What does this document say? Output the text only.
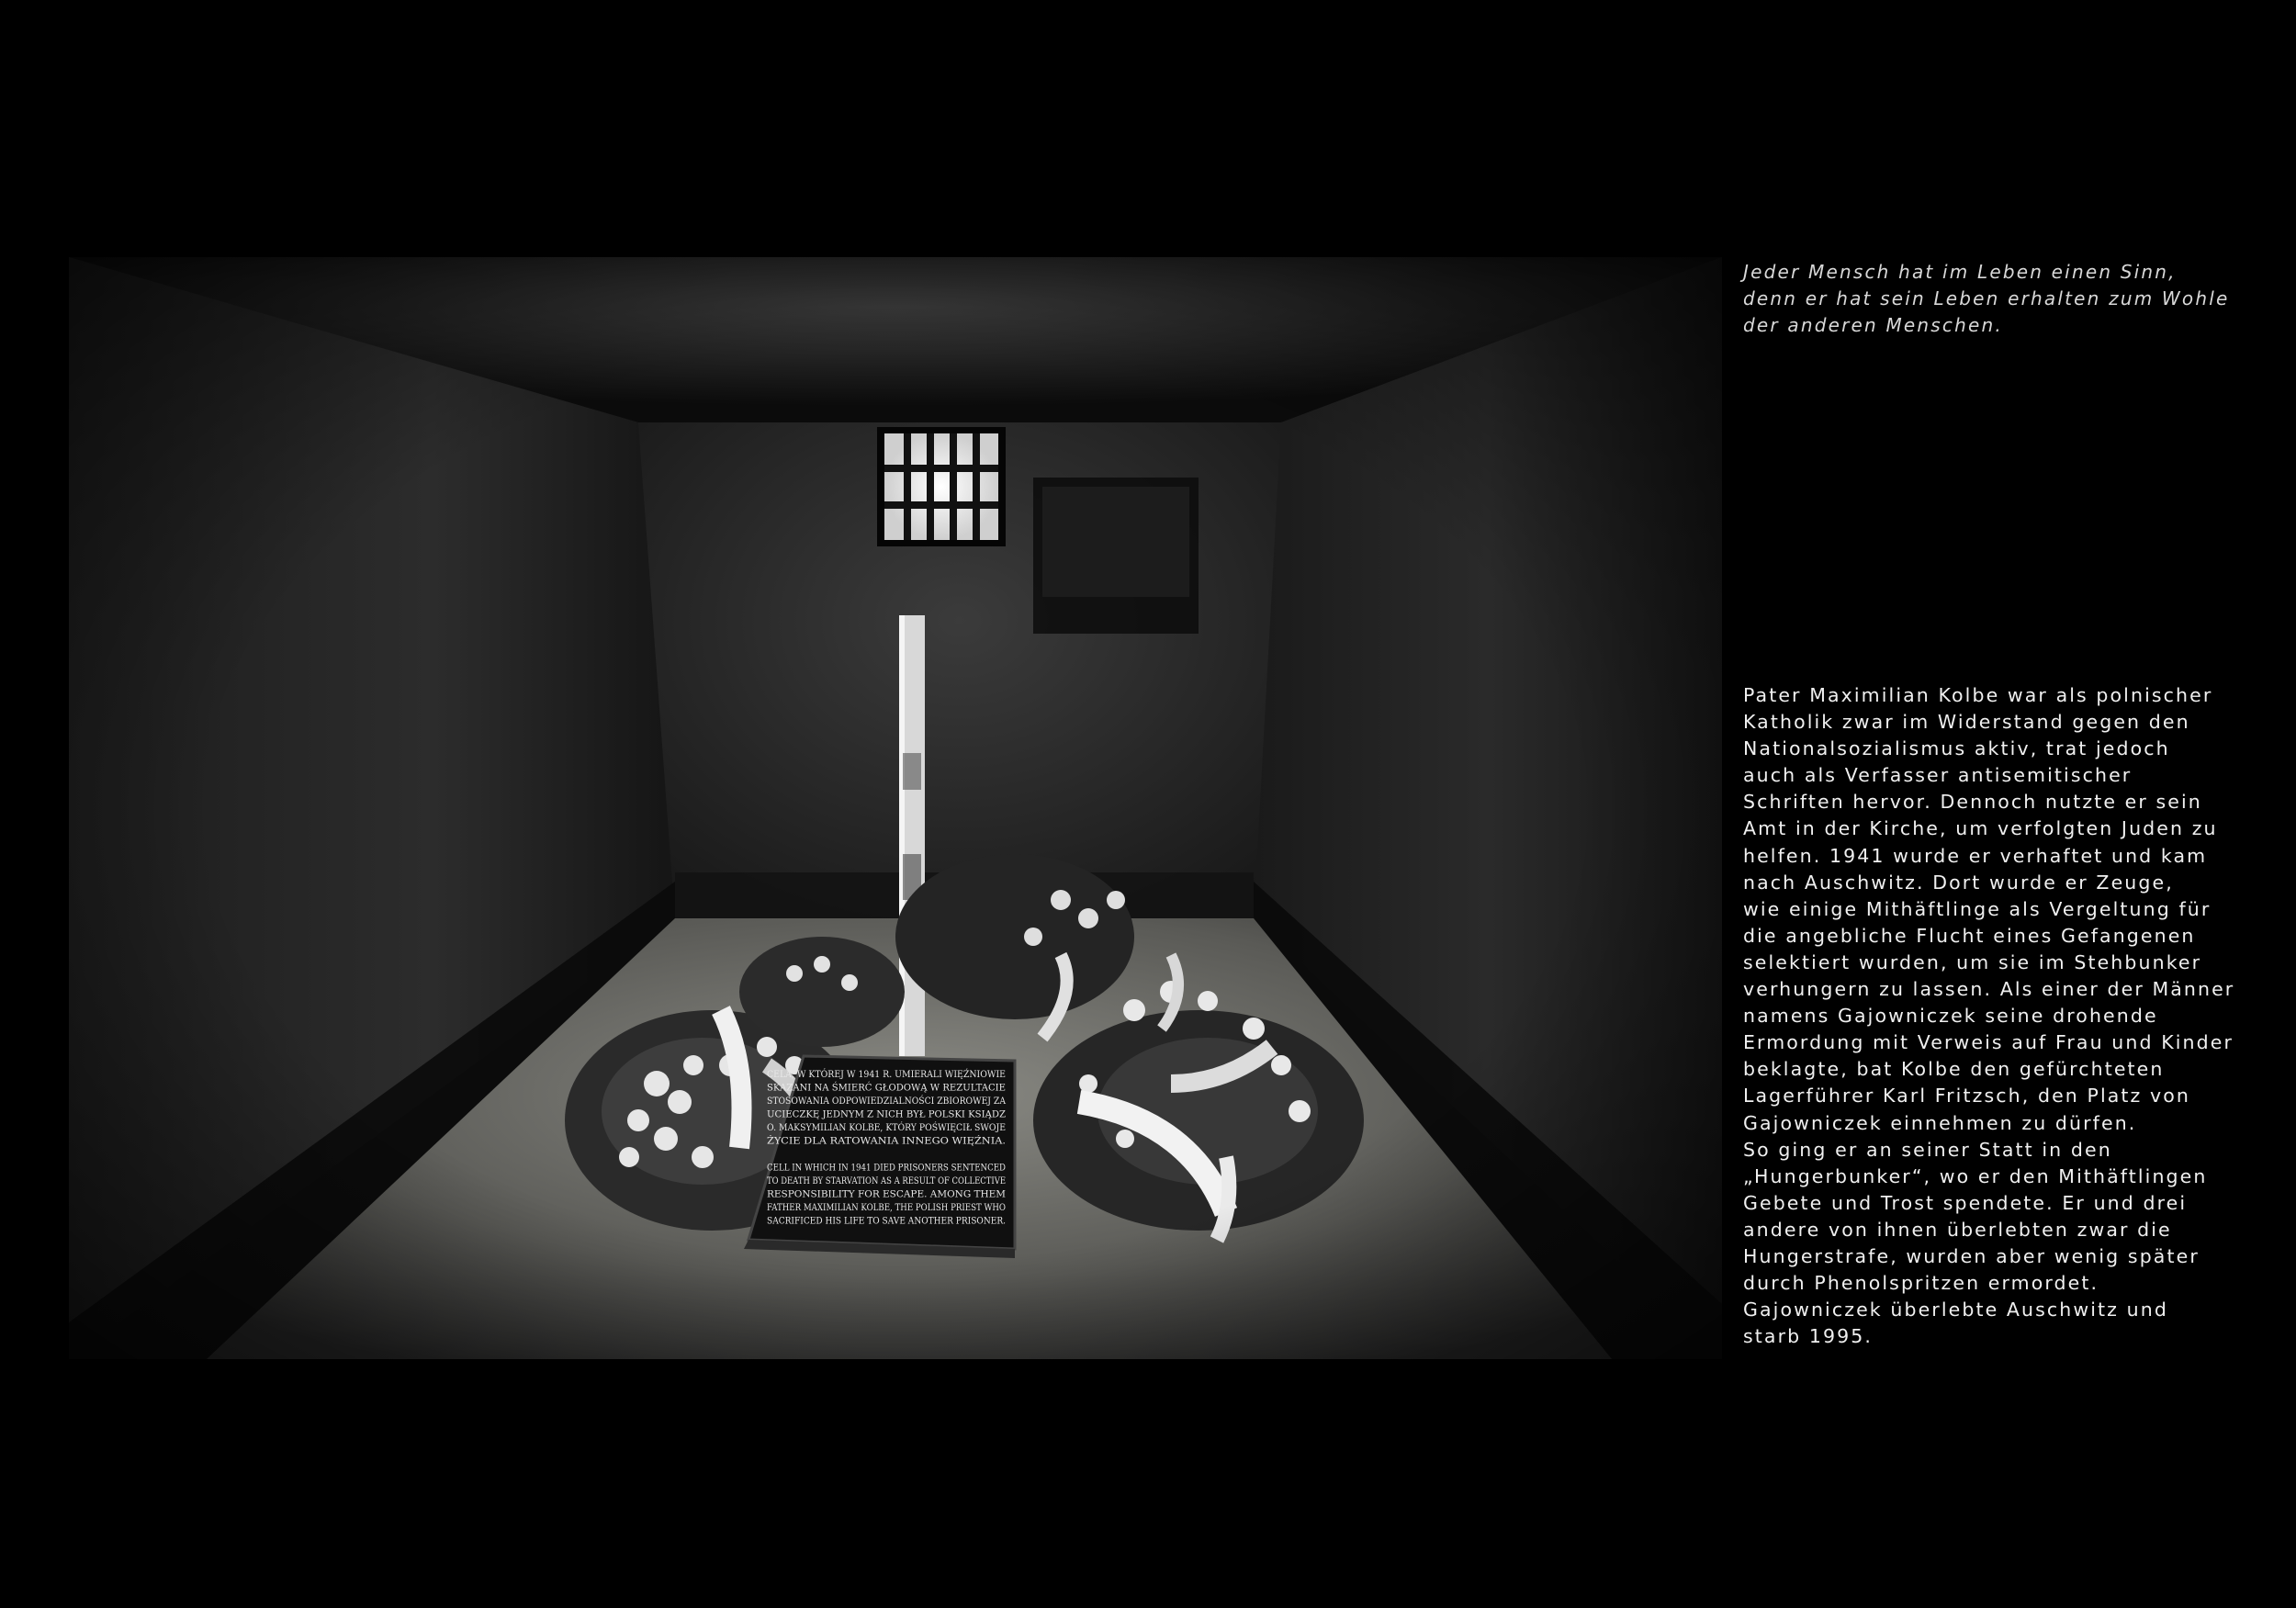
Jeder Mensch hat im Leben einen Sinn,
denn er hat sein Leben erhalten zum Wohle
der anderen Menschen.
Pater Maximilian Kolbe war als polnischer
Katholik zwar im Widerstand gegen den
Nationalsozialismus aktiv, trat jedoch
auch als Verfasser antisemitischer
Schriften hervor. Dennoch nutzte er sein
Amt in der Kirche, um verfolgten Juden zu
helfen. 1941 wurde er verhaftet und kam
nach Auschwitz. Dort wurde er Zeuge,
wie einige Mithäftlinge als Vergeltung für
die angebliche Flucht eines Gefangenen
selektiert wurden, um sie im Stehbunker
verhungern zu lassen. Als einer der Männer
namens Gajowniczek seine drohende
Ermordung mit Verweis auf Frau und Kinder
beklagte, bat Kolbe den gefürchteten
Lagerführer Karl Fritzsch, den Platz von
Gajowniczek einnehmen zu dürfen.
So ging er an seiner Statt in den
„Hungerbunker“, wo er den Mithäftlingen
Gebete und Trost spendete. Er und drei
andere von ihnen überlebten zwar die
Hungerstrafe, wurden aber wenig später
durch Phenolspritzen ermordet.
Gajowniczek überlebte Auschwitz und
starb 1995.
